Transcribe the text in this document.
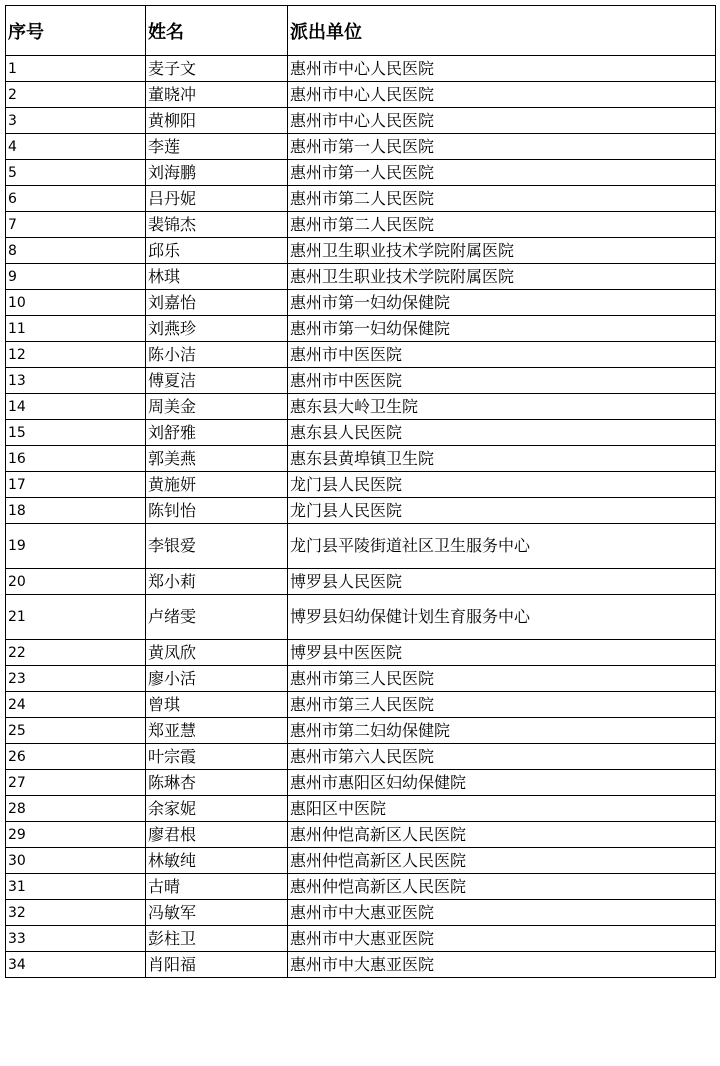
序号	姓名	派出单位
1	麦子文	惠州市中心人民医院
2	董晓冲	惠州市中心人民医院
3	黄柳阳	惠州市中心人民医院
4	李莲	惠州市第一人民医院
5	刘海鹏	惠州市第一人民医院
6	吕丹妮	惠州市第二人民医院
7	裴锦杰	惠州市第二人民医院
8	邱乐	惠州卫生职业技术学院附属医院
9	林琪	惠州卫生职业技术学院附属医院
10	刘嘉怡	惠州市第一妇幼保健院
11	刘燕珍	惠州市第一妇幼保健院
12	陈小洁	惠州市中医医院
13	傅夏洁	惠州市中医医院
14	周美金	惠东县大岭卫生院
15	刘舒雅	惠东县人民医院
16	郭美燕	惠东县黄埠镇卫生院
17	黄施妍	龙门县人民医院
18	陈钊怡	龙门县人民医院
19	李银爱	龙门县平陵街道社区卫生服务中心
20	郑小莉	博罗县人民医院
21	卢绪雯	博罗县妇幼保健计划生育服务中心
22	黄凤欣	博罗县中医医院
23	廖小活	惠州市第三人民医院
24	曾琪	惠州市第三人民医院
25	郑亚慧	惠州市第二妇幼保健院
26	叶宗霞	惠州市第六人民医院
27	陈琳杏	惠州市惠阳区妇幼保健院
28	余家妮	惠阳区中医院
29	廖君根	惠州仲恺高新区人民医院
30	林敏纯	惠州仲恺高新区人民医院
31	古晴	惠州仲恺高新区人民医院
32	冯敏军	惠州市中大惠亚医院
33	彭柱卫	惠州市中大惠亚医院
34	肖阳福	惠州市中大惠亚医院
